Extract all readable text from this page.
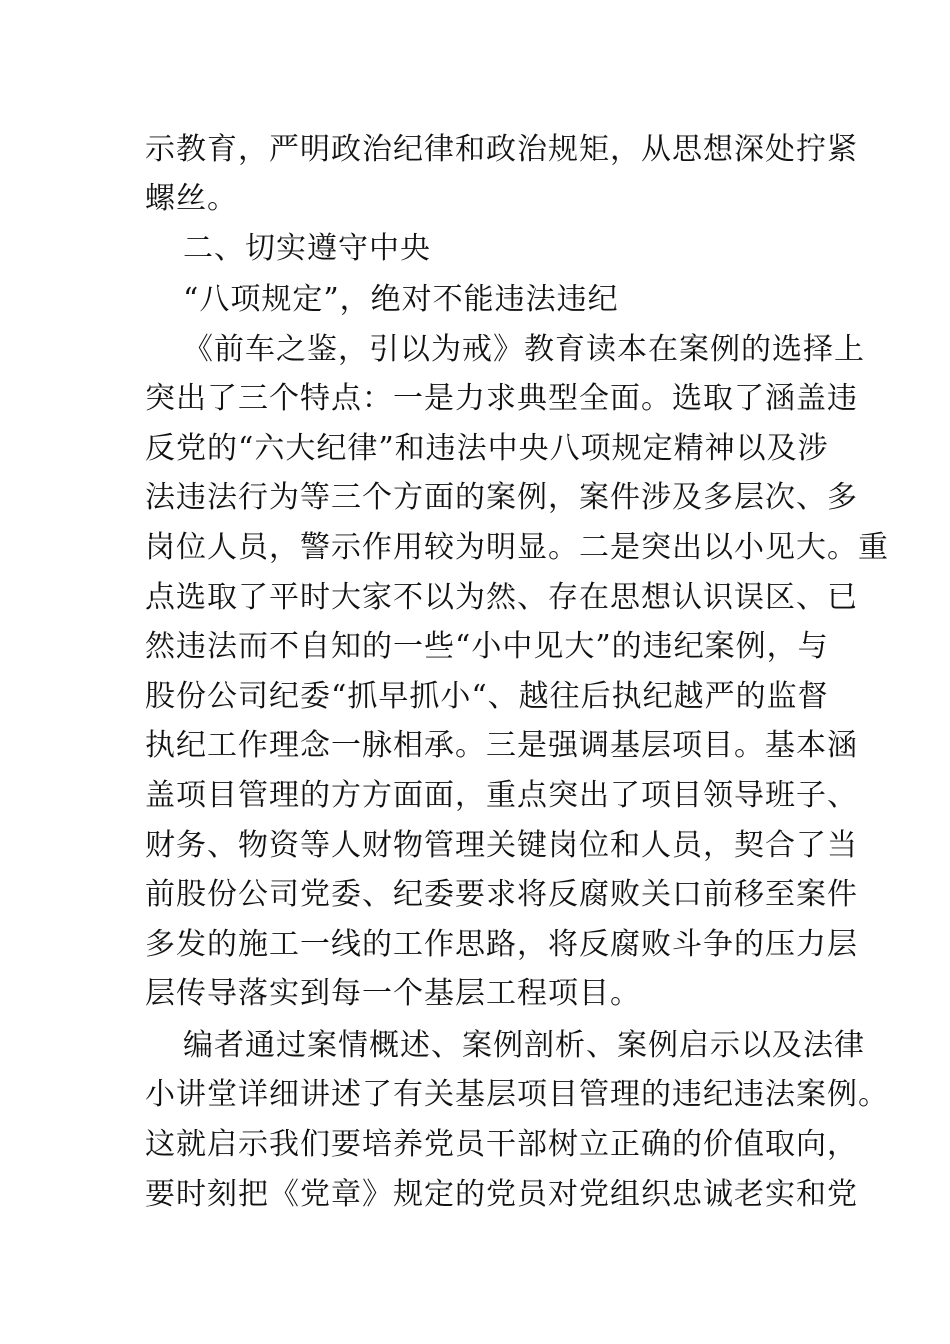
示教育，严明政治纪律和政治规矩，从思想深处拧紧
螺丝。
二、切实遵守中央
“八项规定”，绝对不能违法违纪
《前车之鉴，引以为戒》教育读本在案例的选择上
突出了三个特点：一是力求典型全面。选取了涵盖违
反党的“六大纪律”和违法中央八项规定精神以及涉
法违法行为等三个方面的案例，案件涉及多层次、多
岗位人员，警示作用较为明显。二是突出以小见大。重
点选取了平时大家不以为然、存在思想认识误区、已
然违法而不自知的一些“小中见大”的违纪案例，与
股份公司纪委“抓早抓小“、越往后执纪越严的监督
执纪工作理念一脉相承。三是强调基层项目。基本涵
盖项目管理的方方面面，重点突出了项目领导班子、
财务、物资等人财物管理关键岗位和人员，契合了当
前股份公司党委、纪委要求将反腐败关口前移至案件
多发的施工一线的工作思路，将反腐败斗争的压力层
层传导落实到每一个基层工程项目。
编者通过案情概述、案例剖析、案例启示以及法律
小讲堂详细讲述了有关基层项目管理的违纪违法案例。
这就启示我们要培养党员干部树立正确的价值取向，
要时刻把《党章》规定的党员对党组织忠诚老实和党
